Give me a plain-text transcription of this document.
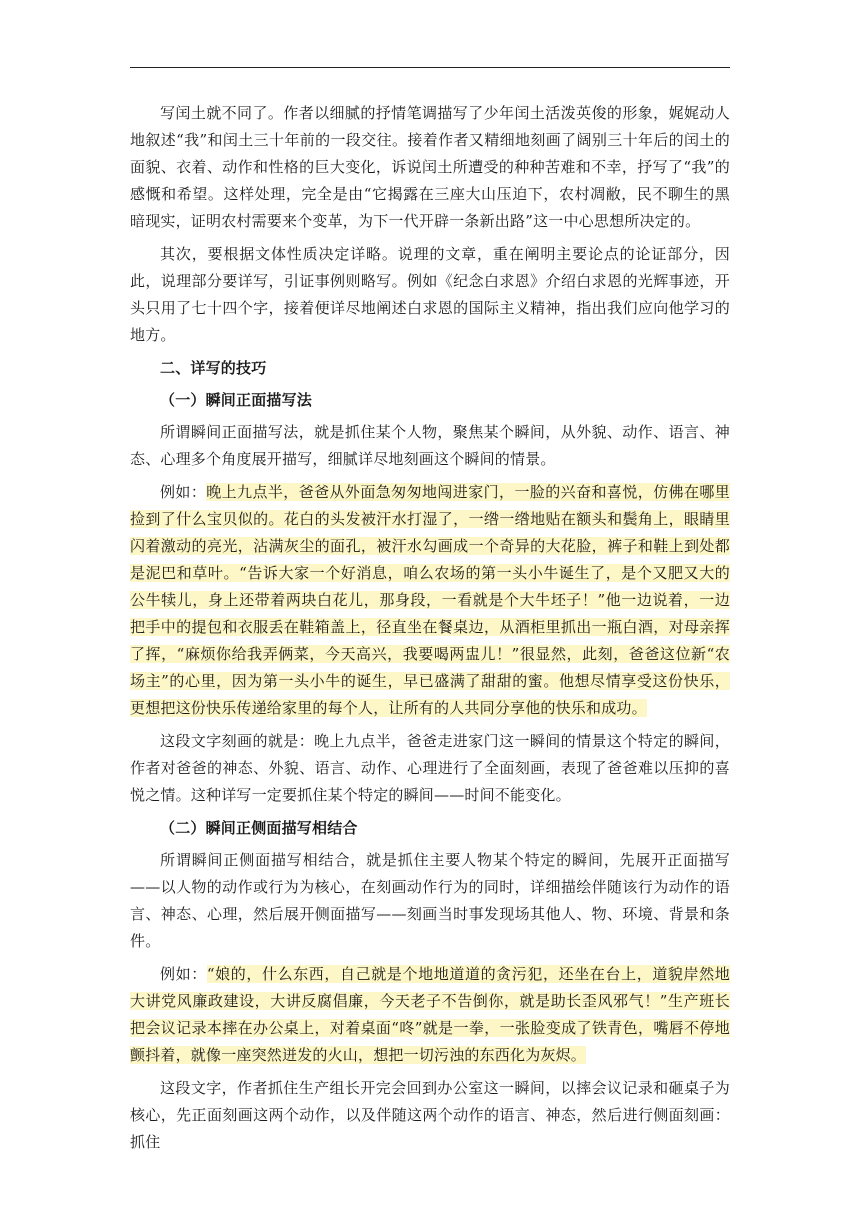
写闰土就不同了。作者以细腻的抒情笔调描写了少年闰土活泼英俊的形象，娓娓动人地叙述“我”和闰土三十年前的一段交往。接着作者又精细地刻画了阔别三十年后的闰土的面貌、衣着、动作和性格的巨大变化，诉说闰土所遭受的种种苦难和不幸，抒写了“我”的感慨和希望。这样处理，完全是由“它揭露在三座大山压迫下，农村凋敝，民不聊生的黑暗现实，证明农村需要来个变革，为下一代开辟一条新出路”这一中心思想所决定的。

其次，要根据文体性质决定详略。说理的文章，重在阐明主要论点的论证部分，因此，说理部分要详写，引证事例则略写。例如《纪念白求恩》介绍白求恩的光辉事迹，开头只用了七十四个字，接着便详尽地阐述白求恩的国际主义精神，指出我们应向他学习的地方。

二、详写的技巧

（一）瞬间正面描写法

所谓瞬间正面描写法，就是抓住某个人物，聚焦某个瞬间，从外貌、动作、语言、神态、心理多个角度展开描写，细腻详尽地刻画这个瞬间的情景。

例如：晚上九点半，爸爸从外面急匆匆地闯进家门，一脸的兴奋和喜悦，仿佛在哪里捡到了什么宝贝似的。花白的头发被汗水打湿了，一绺一绺地贴在额头和鬓角上，眼睛里闪着激动的亮光，沾满灰尘的面孔，被汗水勾画成一个奇异的大花脸，裤子和鞋上到处都是泥巴和草叶。“告诉大家一个好消息，咱么农场的第一头小牛诞生了，是个又肥又大的公牛犊儿，身上还带着两块白花儿，那身段，一看就是个大牛坯子！”他一边说着，一边把手中的提包和衣服丢在鞋箱盖上，径直坐在餐桌边，从酒柜里抓出一瓶白酒，对母亲挥了挥，“麻烦你给我弄俩菜，今天高兴，我要喝两盅儿！”很显然，此刻，爸爸这位新“农场主”的心里，因为第一头小牛的诞生，早已盛满了甜甜的蜜。他想尽情享受这份快乐，更想把这份快乐传递给家里的每个人，让所有的人共同分享他的快乐和成功。

这段文字刻画的就是：晚上九点半，爸爸走进家门这一瞬间的情景这个特定的瞬间，作者对爸爸的神态、外貌、语言、动作、心理进行了全面刻画，表现了爸爸难以压抑的喜悦之情。这种详写一定要抓住某个特定的瞬间——时间不能变化。

（二）瞬间正侧面描写相结合

所谓瞬间正侧面描写相结合，就是抓住主要人物某个特定的瞬间，先展开正面描写——以人物的动作或行为为核心，在刻画动作行为的同时，详细描绘伴随该行为动作的语言、神态、心理，然后展开侧面描写——刻画当时事发现场其他人、物、环境、背景和条件。

例如：“娘的，什么东西，自己就是个地地道道的贪污犯，还坐在台上，道貌岸然地大讲党风廉政建设，大讲反腐倡廉，今天老子不告倒你，就是助长歪风邪气！”生产班长把会议记录本摔在办公桌上，对着桌面“咚”就是一拳，一张脸变成了铁青色，嘴唇不停地颤抖着，就像一座突然迸发的火山，想把一切污浊的东西化为灰烬。

这段文字，作者抓住生产组长开完会回到办公室这一瞬间，以摔会议记录和砸桌子为核心，先正面刻画这两个动作，以及伴随这两个动作的语言、神态，然后进行侧面刻画：抓住
